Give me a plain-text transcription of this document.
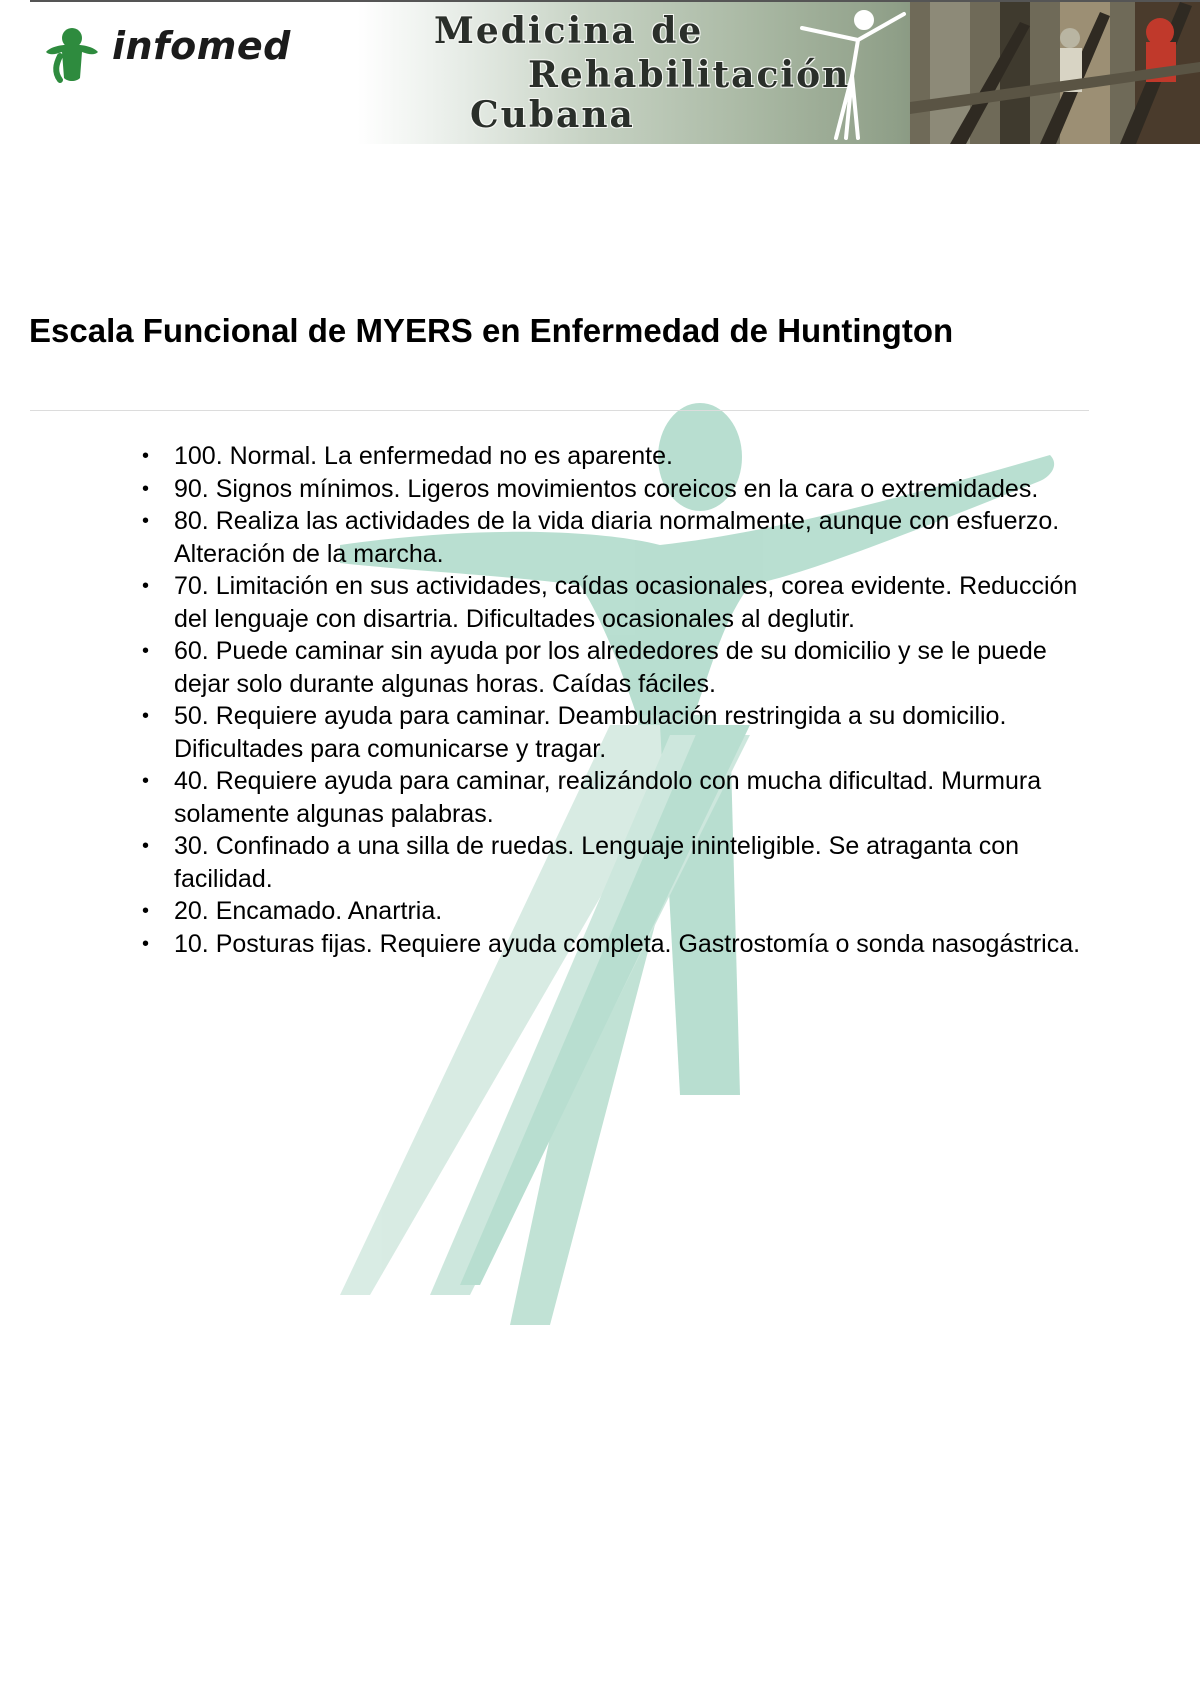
infomed	Medicina de
Rehabilitación
Cubana
Escala Funcional de MYERS en Enfermedad de Huntington
• 100. Normal. La enfermedad no es aparente.
• 90. Signos mínimos. Ligeros movimientos coreicos en la cara o extremidades.
• 80. Realiza las actividades de la vida diaria normalmente, aunque con esfuerzo. Alteración de la marcha.
• 70. Limitación en sus actividades, caídas ocasionales, corea evidente. Reducción del lenguaje con disartria. Dificultades ocasionales al deglutir.
• 60. Puede caminar sin ayuda por los alrededores de su domicilio y se le puede dejar solo durante algunas horas. Caídas fáciles.
• 50. Requiere ayuda para caminar. Deambulación restringida a su domicilio. Dificultades para comunicarse y tragar.
• 40. Requiere ayuda para caminar, realizándolo con mucha dificultad. Murmura solamente algunas palabras.
• 30. Confinado a una silla de ruedas. Lenguaje ininteligible. Se atraganta con facilidad.
• 20. Encamado. Anartria.
• 10. Posturas fijas. Requiere ayuda completa. Gastrostomía o sonda nasogástrica.
